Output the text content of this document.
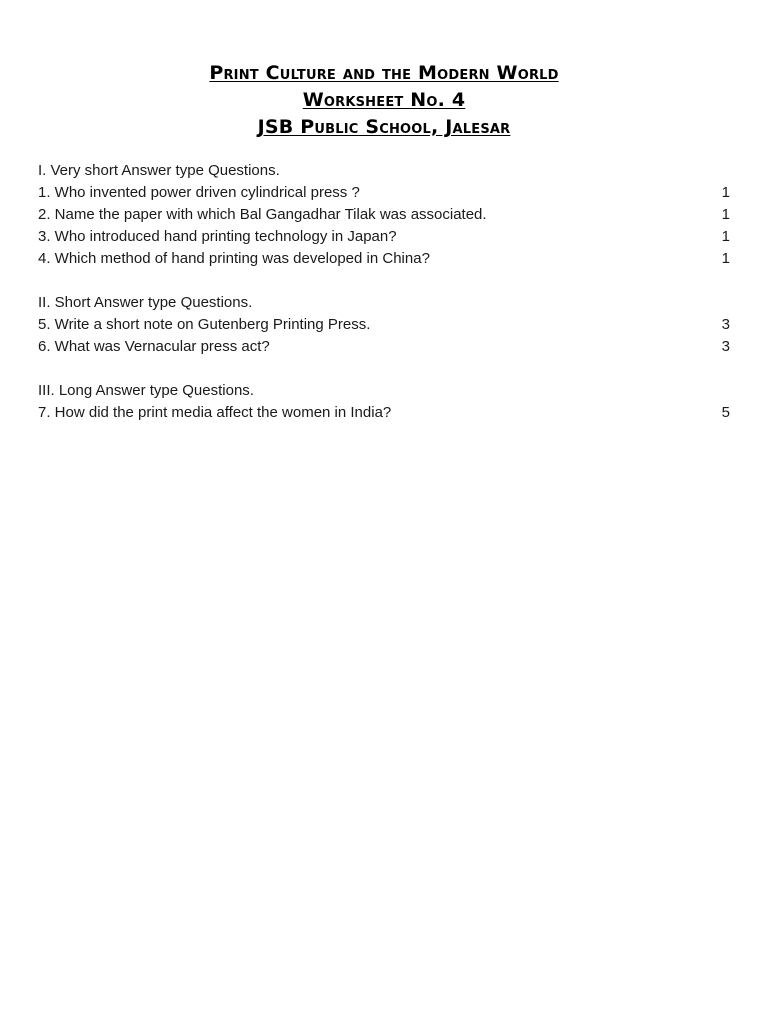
Print Culture and the Modern World
Worksheet No. 4
JSB Public School, Jalesar
I. Very short Answer type Questions.
1. Who invented power driven cylindrical press ?	1
2. Name the paper with which Bal Gangadhar Tilak was associated.	1
3. Who introduced hand printing technology in Japan?	1
4. Which method of hand printing was developed in China?	1
II. Short Answer type Questions.
5. Write a short note on Gutenberg Printing Press.	3
6. What was Vernacular press act?	3
III. Long Answer type Questions.
7. How did the print media affect the women in India?	5
